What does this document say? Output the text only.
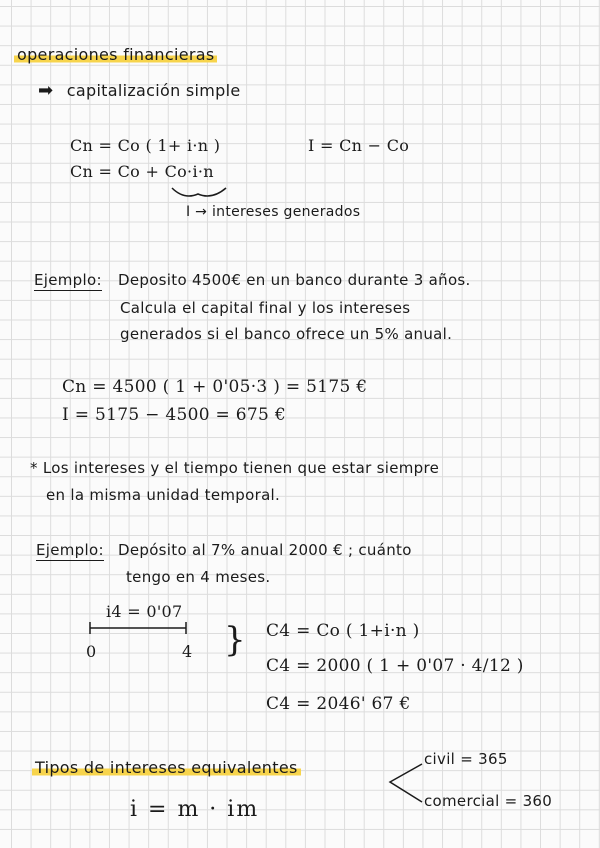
operaciones financieras
➡ capitalización simple
Cn = Co ( 1+ i·n )
Cn = Co + Co·i·n
I = Cn − Co
I → intereses generados
Ejemplo: Deposito 4500€ en un banco durante 3 años.
Calcula el capital final y los intereses
generados si el banco ofrece un 5% anual.
Cn = 4500 ( 1 + 0'05·3 ) = 5175 €
I = 5175 − 4500 = 675 €
* Los intereses y el tiempo tienen que estar siempre
en la misma unidad temporal.
Ejemplo: Depósito al 7% anual 2000 € ; cuánto
tengo en 4 meses.
i4 = 0'07
0	4 } C4 = Co ( 1+i·n )
C4 = 2000 ( 1 + 0'07 · 4/12 )
C4 = 2046' 67 €
Tipos de intereses equivalentes
i = m · im
civil = 365
comercial = 360
